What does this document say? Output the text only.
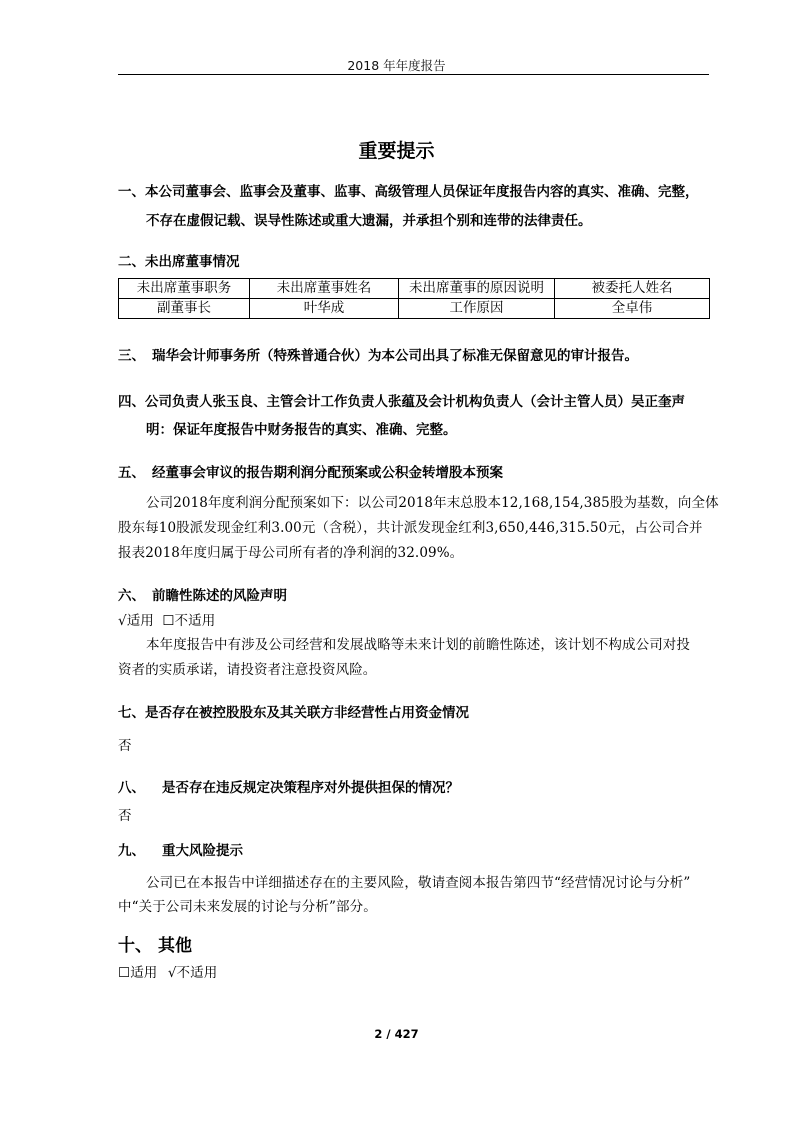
2018 年年度报告
重要提示
一、本公司董事会、监事会及董事、监事、高级管理人员保证年度报告内容的真实、准确、完整，
不存在虚假记载、误导性陈述或重大遗漏，并承担个别和连带的法律责任。
二、未出席董事情况
未出席董事职务	未出席董事姓名	未出席董事的原因说明	被委托人姓名
副董事长	叶华成	工作原因	全卓伟
三、 瑞华会计师事务所（特殊普通合伙）为本公司出具了标准无保留意见的审计报告。
四、公司负责人张玉良、主管会计工作负责人张蕴及会计机构负责人（会计主管人员）吴正奎声
明：保证年度报告中财务报告的真实、准确、完整。
五、 经董事会审议的报告期利润分配预案或公积金转增股本预案
公司2018年度利润分配预案如下：以公司2018年末总股本12,168,154,385股为基数，向全体
股东每10股派发现金红利3.00元（含税），共计派发现金红利3,650,446,315.50元，占公司合并
报表2018年度归属于母公司所有者的净利润的32.09%。
六、 前瞻性陈述的风险声明
√适用 ☐不适用
本年度报告中有涉及公司经营和发展战略等未来计划的前瞻性陈述，该计划不构成公司对投
资者的实质承诺，请投资者注意投资风险。
七、是否存在被控股股东及其关联方非经营性占用资金情况
否
八、 是否存在违反规定决策程序对外提供担保的情况？
否
九、 重大风险提示
公司已在本报告中详细描述存在的主要风险，敬请查阅本报告第四节“经营情况讨论与分析”
中“关于公司未来发展的讨论与分析”部分。
十、 其他
☐适用 √不适用
2 / 427
